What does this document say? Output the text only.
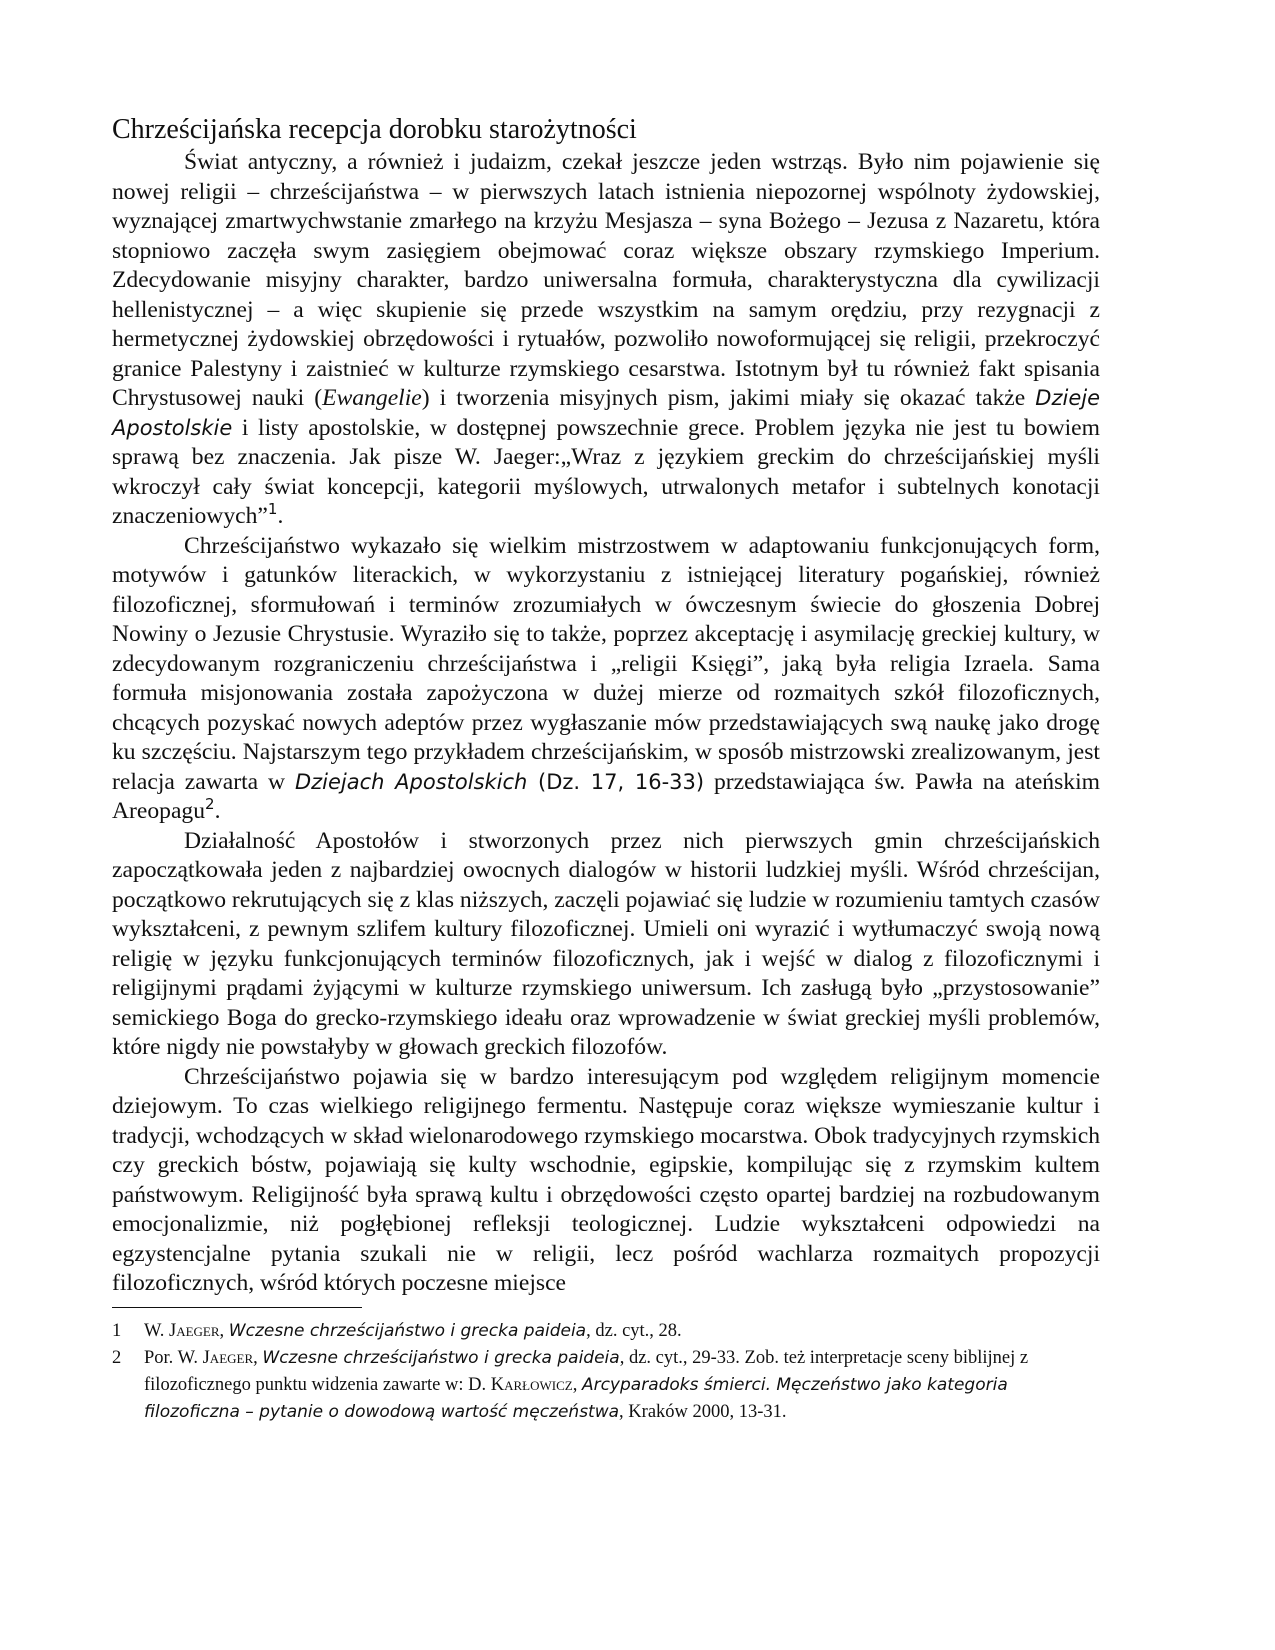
Chrześcijańska recepcja dorobku starożytności

Świat antyczny, a również i judaizm, czekał jeszcze jeden wstrząs. Było nim pojawienie się nowej religii – chrześcijaństwa – w pierwszych latach istnienia niepozornej wspólnoty żydowskiej, wyznającej zmartwychwstanie zmarłego na krzyżu Mesjasza – syna Bożego – Jezusa z Nazaretu, która stopniowo zaczęła swym zasięgiem obejmować coraz większe obszary rzymskiego Imperium. Zdecydowanie misyjny charakter, bardzo uniwersalna formuła, charakterystyczna dla cywilizacji hellenistycznej – a więc skupienie się przede wszystkim na samym orędziu, przy rezygnacji z hermetycznej żydowskiej obrzędowości i rytuałów, pozwoliło nowoformującej się religii, przekroczyć granice Palestyny i zaistnieć w kulturze rzymskiego cesarstwa. Istotnym był tu również fakt spisania Chrystusowej nauki (Ewangelie) i tworzenia misyjnych pism, jakimi miały się okazać także Dzieje Apostolskie i listy apostolskie, w dostępnej powszechnie grece. Problem języka nie jest tu bowiem sprawą bez znaczenia. Jak pisze W. Jaeger:„Wraz z językiem greckim do chrześcijańskiej myśli wkroczył cały świat koncepcji, kategorii myślowych, utrwalonych metafor i subtelnych konotacji znaczeniowych”$^1$.

Chrześcijaństwo wykazało się wielkim mistrzostwem w adaptowaniu funkcjonujących form, motywów i gatunków literackich, w wykorzystaniu z istniejącej literatury pogańskiej, również filozoficznej, sformułowań i terminów zrozumiałych w ówczesnym świecie do głoszenia Dobrej Nowiny o Jezusie Chrystusie. Wyraziło się to także, poprzez akceptację i asymilację greckiej kultury, w zdecydowanym rozgraniczeniu chrześcijaństwa i „religii Księgi”, jaką była religia Izraela. Sama formuła misjonowania została zapożyczona w dużej mierze od rozmaitych szkół filozoficznych, chcących pozyskać nowych adeptów przez wygłaszanie mów przedstawiających swą naukę jako drogę ku szczęściu. Najstarszym tego przykładem chrześcijańskim, w sposób mistrzowski zrealizowanym, jest relacja zawarta w Dziejach Apostolskich (Dz. 17, 16-33) przedstawiająca św. Pawła na ateńskim Areopagu$^2$.

Działalność Apostołów i stworzonych przez nich pierwszych gmin chrześcijańskich zapoczątkowała jeden z najbardziej owocnych dialogów w historii ludzkiej myśli. Wśród chrześcijan, początkowo rekrutujących się z klas niższych, zaczęli pojawiać się ludzie w rozumieniu tamtych czasów wykształceni, z pewnym szlifem kultury filozoficznej. Umieli oni wyrazić i wytłumaczyć swoją nową religię w języku funkcjonujących terminów filozoficznych, jak i wejść w dialog z filozoficznymi i religijnymi prądami żyjącymi w kulturze rzymskiego uniwersum. Ich zasługą było „przystosowanie” semickiego Boga do grecko-rzymskiego ideału oraz wprowadzenie w świat greckiej myśli problemów, które nigdy nie powstałyby w głowach greckich filozofów.

Chrześcijaństwo pojawia się w bardzo interesującym pod względem religijnym momencie dziejowym. To czas wielkiego religijnego fermentu. Następuje coraz większe wymieszanie kultur i tradycji, wchodzących w skład wielonarodowego rzymskiego mocarstwa. Obok tradycyjnych rzymskich czy greckich bóstw, pojawiają się kulty wschodnie, egipskie, kompilując się z rzymskim kultem państwowym. Religijność była sprawą kultu i obrzędowości często opartej bardziej na rozbudowanym emocjonalizmie, niż pogłębionej refleksji teologicznej. Ludzie wykształceni odpowiedzi na egzystencjalne pytania szukali nie w religii, lecz pośród wachlarza rozmaitych propozycji filozoficznych, wśród których poczesne miejsce

1	W. Jaeger, Wczesne chrześcijaństwo i grecka paideia, dz. cyt., 28.
2	Por. W. Jaeger, Wczesne chrześcijaństwo i grecka paideia, dz. cyt., 29-33. Zob. też interpretacje sceny biblijnej z filozoficznego punktu widzenia zawarte w: D. Karłowicz, Arcyparadoks śmierci. Męczeństwo jako kategoria filozoficzna – pytanie o dowodową wartość męczeństwa, Kraków 2000, 13-31.
